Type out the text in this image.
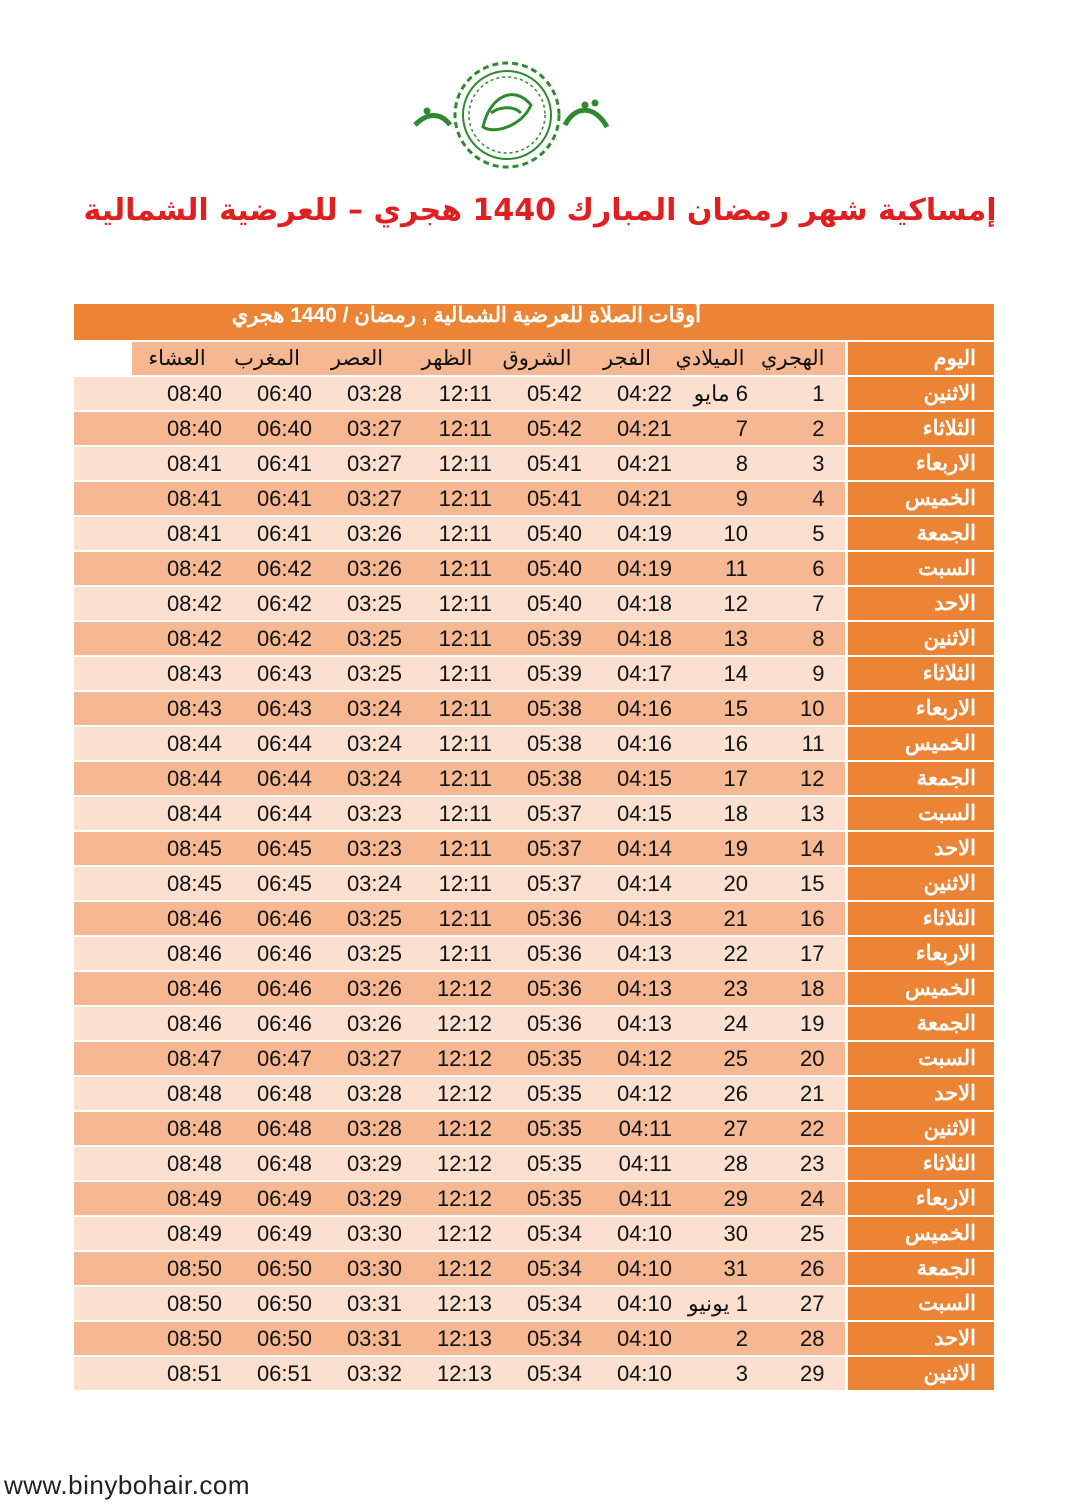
إمساكية شهر رمضان المبارك 1440 هجري – للعرضية الشمالية
أوقات الصلاة للعرضية الشمالية , رمضان / 1440 هجري									

	العشاء	المغرب	العصر	الظهر	الشروق	الفجر	الميلادي	الهجري	اليوم
	08:40	06:40	03:28	12:11	05:42	04:22	6 مايو	1	الاثنين
	08:40	06:40	03:27	12:11	05:42	04:21	7	2	الثلاثاء
	08:41	06:41	03:27	12:11	05:41	04:21	8	3	الاربعاء
	08:41	06:41	03:27	12:11	05:41	04:21	9	4	الخميس
	08:41	06:41	03:26	12:11	05:40	04:19	10	5	الجمعة
	08:42	06:42	03:26	12:11	05:40	04:19	11	6	السبت
	08:42	06:42	03:25	12:11	05:40	04:18	12	7	الاحد
	08:42	06:42	03:25	12:11	05:39	04:18	13	8	الاثنين
	08:43	06:43	03:25	12:11	05:39	04:17	14	9	الثلاثاء
	08:43	06:43	03:24	12:11	05:38	04:16	15	10	الاربعاء
	08:44	06:44	03:24	12:11	05:38	04:16	16	11	الخميس
	08:44	06:44	03:24	12:11	05:38	04:15	17	12	الجمعة
	08:44	06:44	03:23	12:11	05:37	04:15	18	13	السبت
	08:45	06:45	03:23	12:11	05:37	04:14	19	14	الاحد
	08:45	06:45	03:24	12:11	05:37	04:14	20	15	الاثنين
	08:46	06:46	03:25	12:11	05:36	04:13	21	16	الثلاثاء
	08:46	06:46	03:25	12:11	05:36	04:13	22	17	الاربعاء
	08:46	06:46	03:26	12:12	05:36	04:13	23	18	الخميس
	08:46	06:46	03:26	12:12	05:36	04:13	24	19	الجمعة
	08:47	06:47	03:27	12:12	05:35	04:12	25	20	السبت
	08:48	06:48	03:28	12:12	05:35	04:12	26	21	الاحد
	08:48	06:48	03:28	12:12	05:35	04:11	27	22	الاثنين
	08:48	06:48	03:29	12:12	05:35	04:11	28	23	الثلاثاء
	08:49	06:49	03:29	12:12	05:35	04:11	29	24	الاربعاء
	08:49	06:49	03:30	12:12	05:34	04:10	30	25	الخميس
	08:50	06:50	03:30	12:12	05:34	04:10	31	26	الجمعة
	08:50	06:50	03:31	12:13	05:34	04:10	1 يونيو	27	السبت
	08:50	06:50	03:31	12:13	05:34	04:10	2	28	الاحد
	08:51	06:51	03:32	12:13	05:34	04:10	3	29	الاثنين
www.binybohair.com
